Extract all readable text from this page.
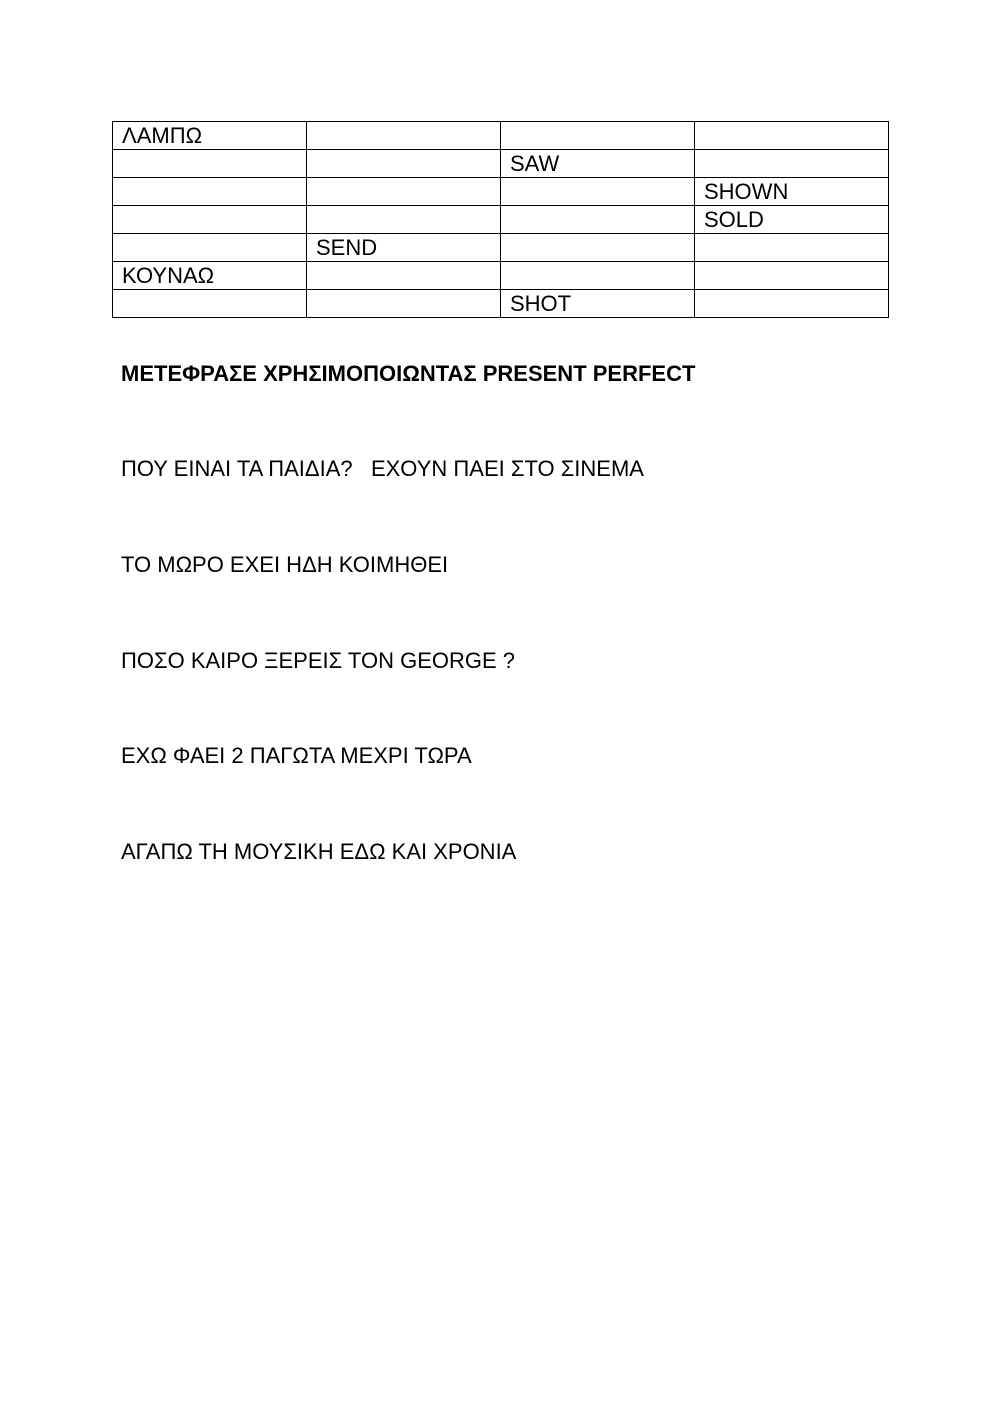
ΛΑΜΠΩ			
		SAW	
			SHOWN
			SOLD
	SEND		
ΚΟΥΝΑΩ			
		SHOT	
ΜΕΤΕΦΡΑΣΕ ΧΡΗΣΙΜΟΠΟΙΩΝΤΑΣ PRESENT PERFECT
ΠΟΥ ΕΙΝΑΙ ΤΑ ΠΑΙΔΙΑ?   ΕΧΟΥΝ ΠΑΕΙ ΣΤΟ ΣΙΝΕΜΑ
ΤΟ ΜΩΡΟ ΕΧΕΙ ΗΔΗ ΚΟΙΜΗΘΕΙ
ΠΟΣΟ ΚΑΙΡΟ ΞΕΡΕΙΣ ΤΟΝ GEORGE ?
ΕΧΩ ΦΑΕΙ 2 ΠΑΓΩΤΑ ΜΕΧΡΙ ΤΩΡΑ
ΑΓΑΠΩ ΤΗ ΜΟΥΣΙΚΗ ΕΔΩ ΚΑΙ ΧΡΟΝΙΑ
